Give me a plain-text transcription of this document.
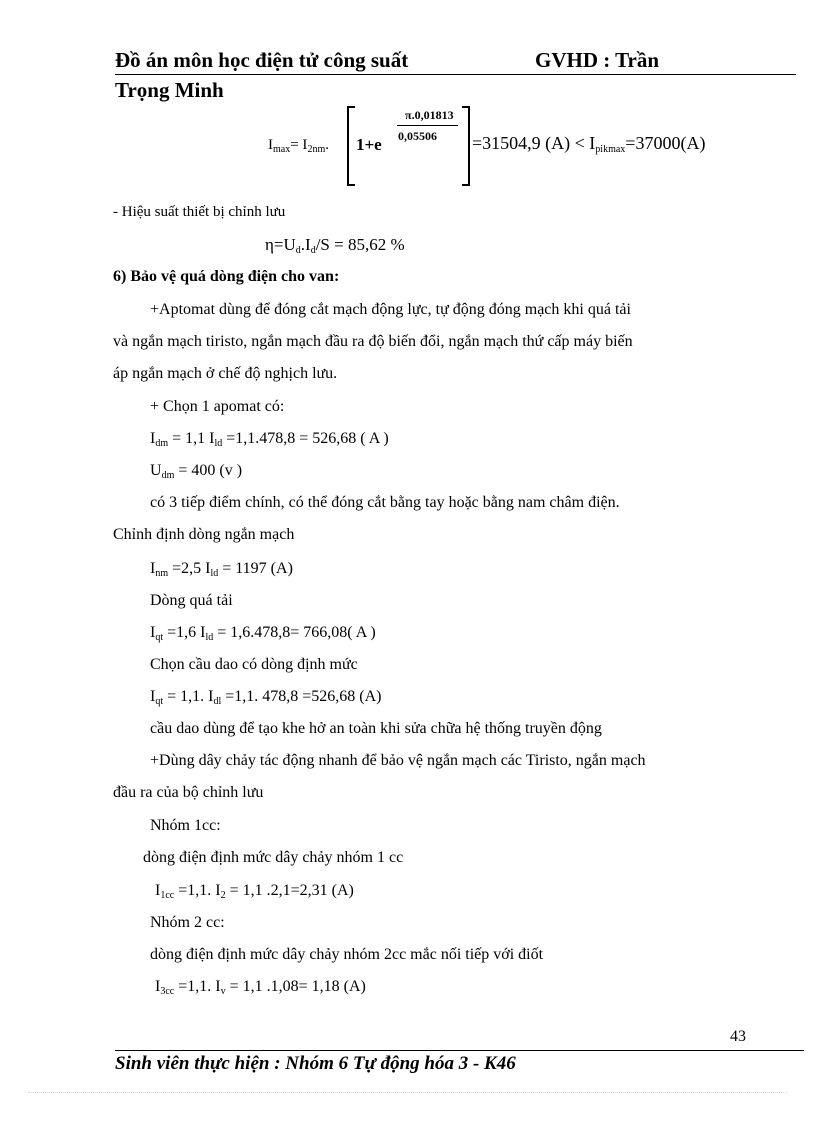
Đồ án môn học điện tử công suất	GVHD : Trần
Trọng Minh
$I_{max}= I_{2nm}$. 1+e
π.0,01813
0,05506 =31504,9 $(A) < I_{pikmax}=37000(A)$
- Hiệu suất thiết bị chỉnh lưu
$\eta=U_d.I_d/S = 85,62$ %
6) Bảo vệ quá dòng điện cho van:
+Aptomat dùng để đóng cắt mạch động lực, tự động đóng mạch khi quá tải
và ngắn mạch tiristo, ngắn mạch đầu ra độ biến đổi, ngắn mạch thứ cấp máy biến
áp ngắn mạch ở chế độ nghịch lưu.
+ Chọn 1 apomat có:
$I_{dm} = 1,1$ $I_{ld} =1,1.478,8 = 526,68$ ( A )
$U_{dm} = 400$ (v )
có 3 tiếp điểm chính, có thể đóng cắt bằng tay hoặc bằng nam châm điện.
Chỉnh định dòng ngắn mạch
$I_{nm} =2,5$ $I_{ld} = 1197$ (A)
Dòng quá tải
$I_{qt} =1,6$ $I_{ld} = 1,6.478,8= 766,08$( A )
Chọn cầu dao có dòng định mức
$I_{qt} = 1,1$. $I_{dl} =1,1$. 478,8 =526,68 (A)
cầu dao dùng để tạo khe hở an toàn khi sửa chữa hệ thống truyền động
+Dùng dây chảy tác động nhanh để bảo vệ ngắn mạch các Tiristo, ngắn mạch
đầu ra của bộ chỉnh lưu
Nhóm 1cc:
dòng điện định mức dây chảy nhóm 1 cc
$I_{1cc} =1,1$. $I_2 = 1,1$ .2,1=2,31 (A)
Nhóm 2 cc:
dòng điện định mức dây chảy nhóm 2cc mắc nối tiếp với điốt
$I_{3cc} =1,1$. $I_v = 1,1$ .1,08= 1,18 (A)
43
Sinh viên thực hiện : Nhóm 6 Tự động hóa 3 - K46
